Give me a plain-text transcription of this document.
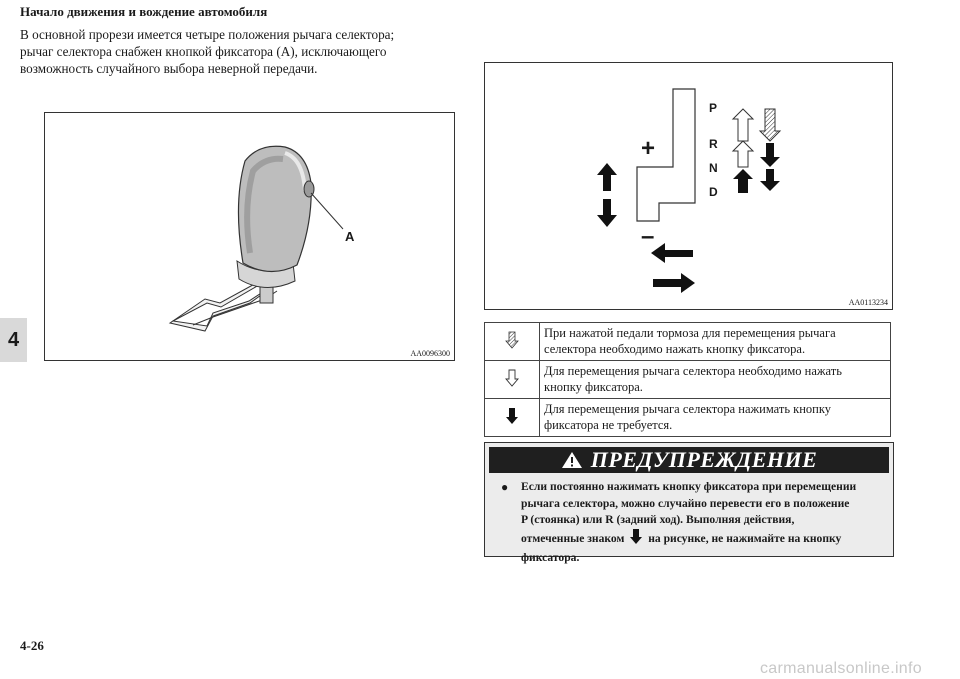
Начало движения и вождение автомобиля
В основной прорези имеется четыре положения рычага селектора;
рычаг селектора снабжен кнопкой фиксатора (A), исключающего
возможность случайного выбора неверной передачи.
4
A
AA0096300
P
R
N
D
+
–
AA0113234

При нажатой педали тормоза для перемещения рычага
селектора необходимо нажать кнопку фиксатора.

Для перемещения рычага селектора необходимо нажать
кнопку фиксатора.

Для перемещения рычага селектора нажимать кнопку
фиксатора не требуется.
ПРЕДУПРЕЖДЕНИЕ
● Если постоянно нажимать кнопку фиксатора при перемещении
рычага селектора, можно случайно перевести его в положение
P (стоянка) или R (задний ход). Выполняя действия,
отмеченные знаком на рисунке, не нажимайте на кнопку
фиксатора.
4-26
carmanualsonline.info
